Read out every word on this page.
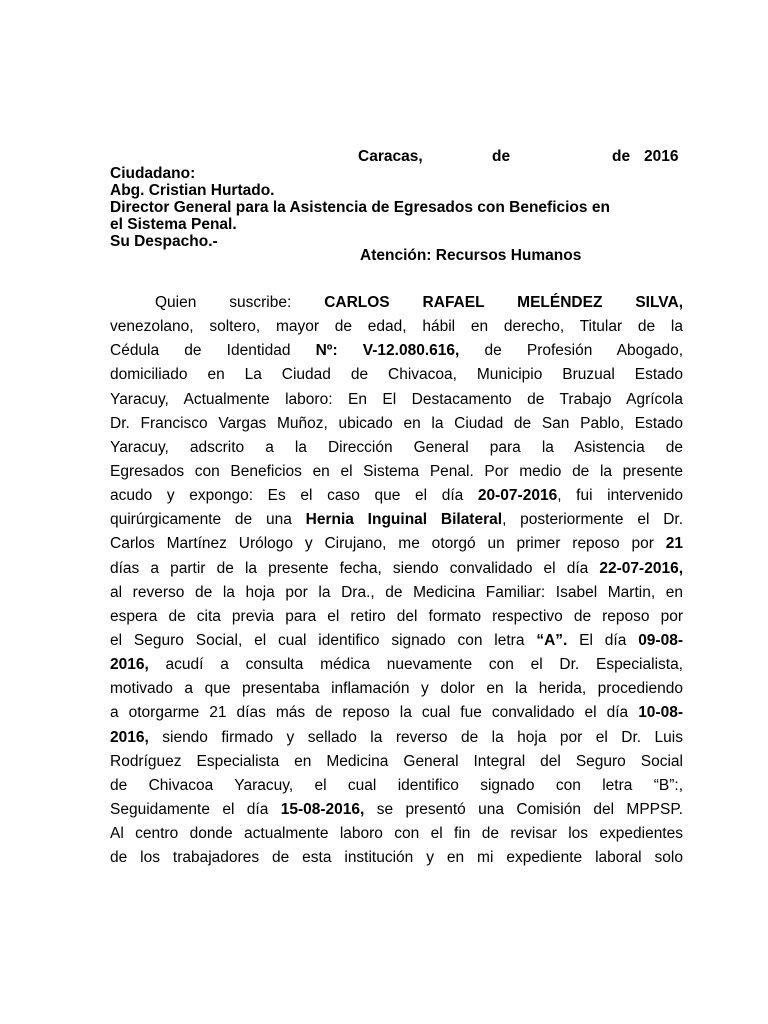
Caracas,	de	de 2016
Ciudadano:
Abg. Cristian Hurtado.
Director General para la Asistencia de Egresados con Beneficios en
el Sistema Penal.
Su Despacho.-
Atención: Recursos Humanos
Quien suscribe: CARLOS RAFAEL MELÉNDEZ SILVA,
venezolano, soltero, mayor de edad, hábil en derecho, Titular de la
Cédula de Identidad Nº: V-12.080.616, de Profesión Abogado,
domiciliado en La Ciudad de Chivacoa, Municipio Bruzual Estado
Yaracuy, Actualmente laboro: En El Destacamento de Trabajo Agrícola
Dr. Francisco Vargas Muñoz, ubicado en la Ciudad de San Pablo, Estado
Yaracuy, adscrito a la Dirección General para la Asistencia de
Egresados con Beneficios en el Sistema Penal. Por medio de la presente
acudo y expongo: Es el caso que el día 20-07-2016, fui intervenido
quirúrgicamente de una Hernia Inguinal Bilateral, posteriormente el Dr.
Carlos Martínez Urólogo y Cirujano, me otorgó un primer reposo por 21
días a partir de la presente fecha, siendo convalidado el día 22-07-2016,
al reverso de la hoja por la Dra., de Medicina Familiar: Isabel Martin, en
espera de cita previa para el retiro del formato respectivo de reposo por
el Seguro Social, el cual identifico signado con letra “A”. El día 09-08-
2016, acudí a consulta médica nuevamente con el Dr. Especialista,
motivado a que presentaba inflamación y dolor en la herida, procediendo
a otorgarme 21 días más de reposo la cual fue convalidado el día 10-08-
2016, siendo firmado y sellado la reverso de la hoja por el Dr. Luis
Rodríguez Especialista en Medicina General Integral del Seguro Social
de Chivacoa Yaracuy, el cual identifico signado con letra “B”:,
Seguidamente el día 15-08-2016, se presentó una Comisión del MPPSP.
Al centro donde actualmente laboro con el fin de revisar los expedientes
de los trabajadores de esta institución y en mi expediente laboral solo
